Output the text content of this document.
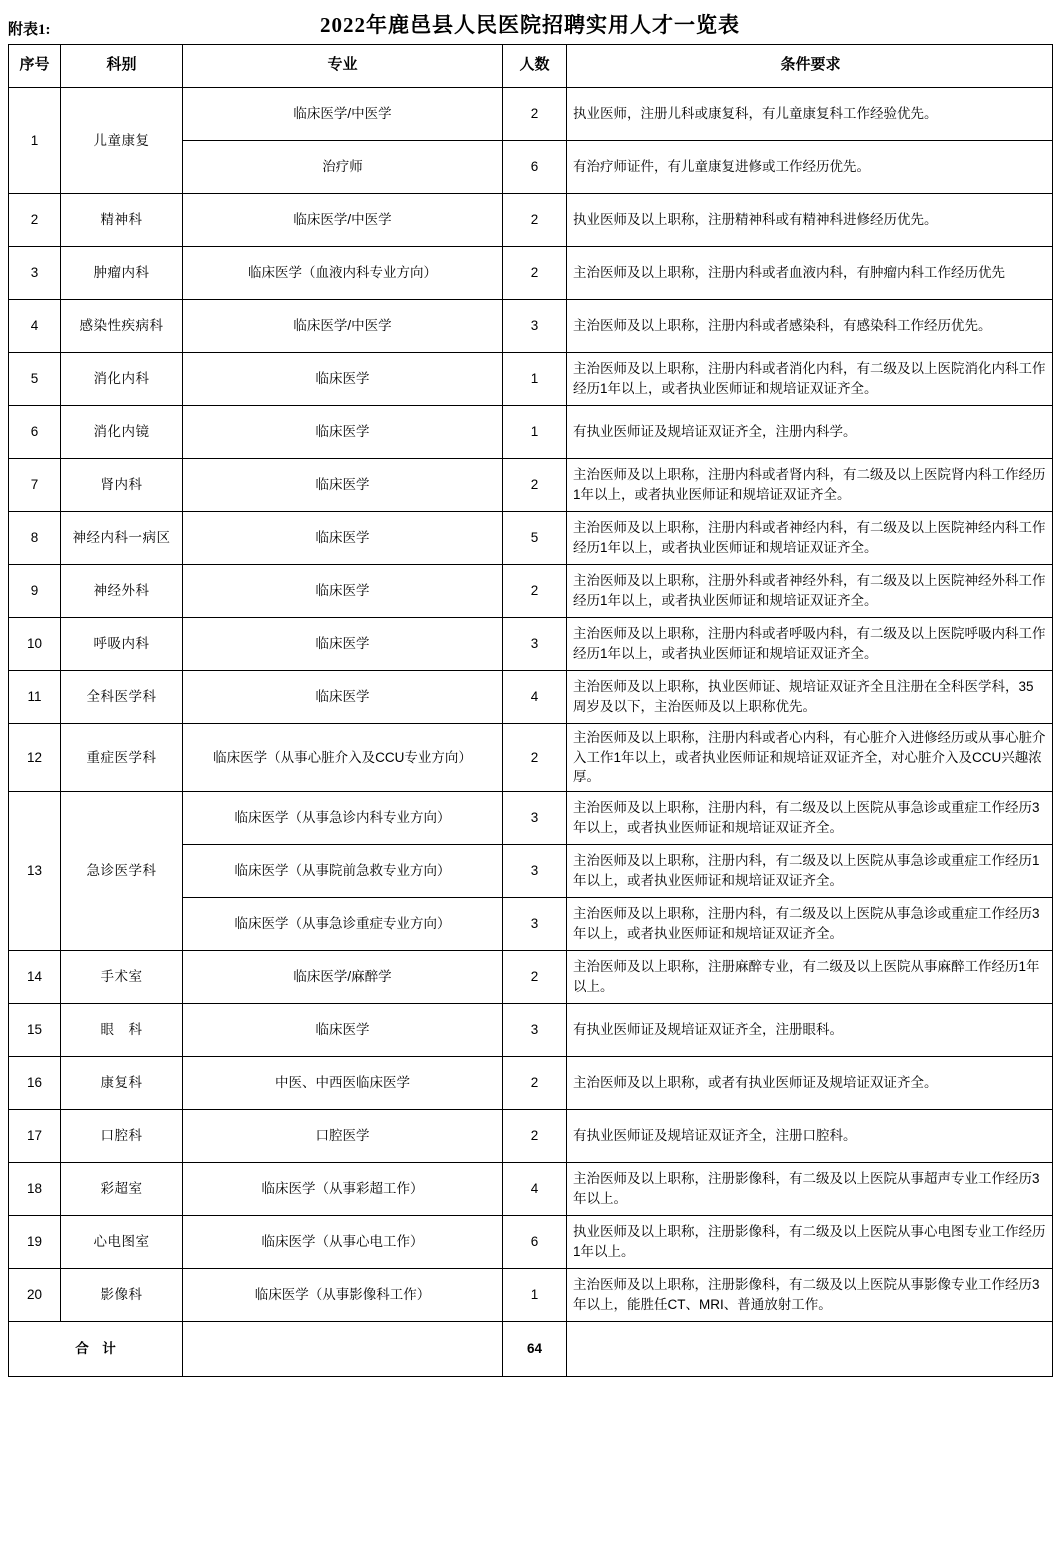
附表1:	2022年鹿邑县人民医院招聘实用人才一览表
序号	科别	专业	人数	条件要求
1	儿童康复	临床医学/中医学	2	执业医师，注册儿科或康复科，有儿童康复科工作经验优先。
		治疗师	6	有治疗师证件，有儿童康复进修或工作经历优先。
2	精神科	临床医学/中医学	2	执业医师及以上职称，注册精神科或有精神科进修经历优先。
3	肿瘤内科	临床医学（血液内科专业方向）	2	主治医师及以上职称，注册内科或者血液内科，有肿瘤内科工作经历优先
4	感染性疾病科	临床医学/中医学	3	主治医师及以上职称，注册内科或者感染科，有感染科工作经历优先。
5	消化内科	临床医学	1	主治医师及以上职称，注册内科或者消化内科，有二级及以上医院消化内科工作经历1年以上，或者执业医师证和规培证双证齐全。
6	消化内镜	临床医学	1	有执业医师证及规培证双证齐全，注册内科学。
7	肾内科	临床医学	2	主治医师及以上职称，注册内科或者肾内科，有二级及以上医院肾内科工作经历1年以上，或者执业医师证和规培证双证齐全。
8	神经内科一病区	临床医学	5	主治医师及以上职称，注册内科或者神经内科，有二级及以上医院神经内科工作经历1年以上，或者执业医师证和规培证双证齐全。
9	神经外科	临床医学	2	主治医师及以上职称，注册外科或者神经外科，有二级及以上医院神经外科工作经历1年以上，或者执业医师证和规培证双证齐全。
10	呼吸内科	临床医学	3	主治医师及以上职称，注册内科或者呼吸内科，有二级及以上医院呼吸内科工作经历1年以上，或者执业医师证和规培证双证齐全。
11	全科医学科	临床医学	4	主治医师及以上职称，执业医师证、规培证双证齐全且注册在全科医学科，35周岁及以下，主治医师及以上职称优先。
12	重症医学科	临床医学（从事心脏介入及CCU专业方向）	2	主治医师及以上职称，注册内科或者心内科，有心脏介入进修经历或从事心脏介入工作1年以上，或者执业医师证和规培证双证齐全，对心脏介入及CCU兴趣浓厚。
13	急诊医学科	临床医学（从事急诊内科专业方向）	3	主治医师及以上职称，注册内科，有二级及以上医院从事急诊或重症工作经历3年以上，或者执业医师证和规培证双证齐全。
		临床医学（从事院前急救专业方向）	3	主治医师及以上职称，注册内科，有二级及以上医院从事急诊或重症工作经历1年以上，或者执业医师证和规培证双证齐全。
		临床医学（从事急诊重症专业方向）	3	主治医师及以上职称，注册内科，有二级及以上医院从事急诊或重症工作经历3年以上，或者执业医师证和规培证双证齐全。
14	手术室	临床医学/麻醉学	2	主治医师及以上职称，注册麻醉专业，有二级及以上医院从事麻醉工作经历1年以上。
15	眼　科	临床医学	3	有执业医师证及规培证双证齐全，注册眼科。
16	康复科	中医、中西医临床医学	2	主治医师及以上职称，或者有执业医师证及规培证双证齐全。
17	口腔科	口腔医学	2	有执业医师证及规培证双证齐全，注册口腔科。
18	彩超室	临床医学（从事彩超工作）	4	主治医师及以上职称，注册影像科，有二级及以上医院从事超声专业工作经历3年以上。
19	心电图室	临床医学（从事心电工作）	6	执业医师及以上职称，注册影像科，有二级及以上医院从事心电图专业工作经历1年以上。
20	影像科	临床医学（从事影像科工作）	1	主治医师及以上职称，注册影像科，有二级及以上医院从事影像专业工作经历3年以上，能胜任CT、MRI、普通放射工作。
合　计			64	
